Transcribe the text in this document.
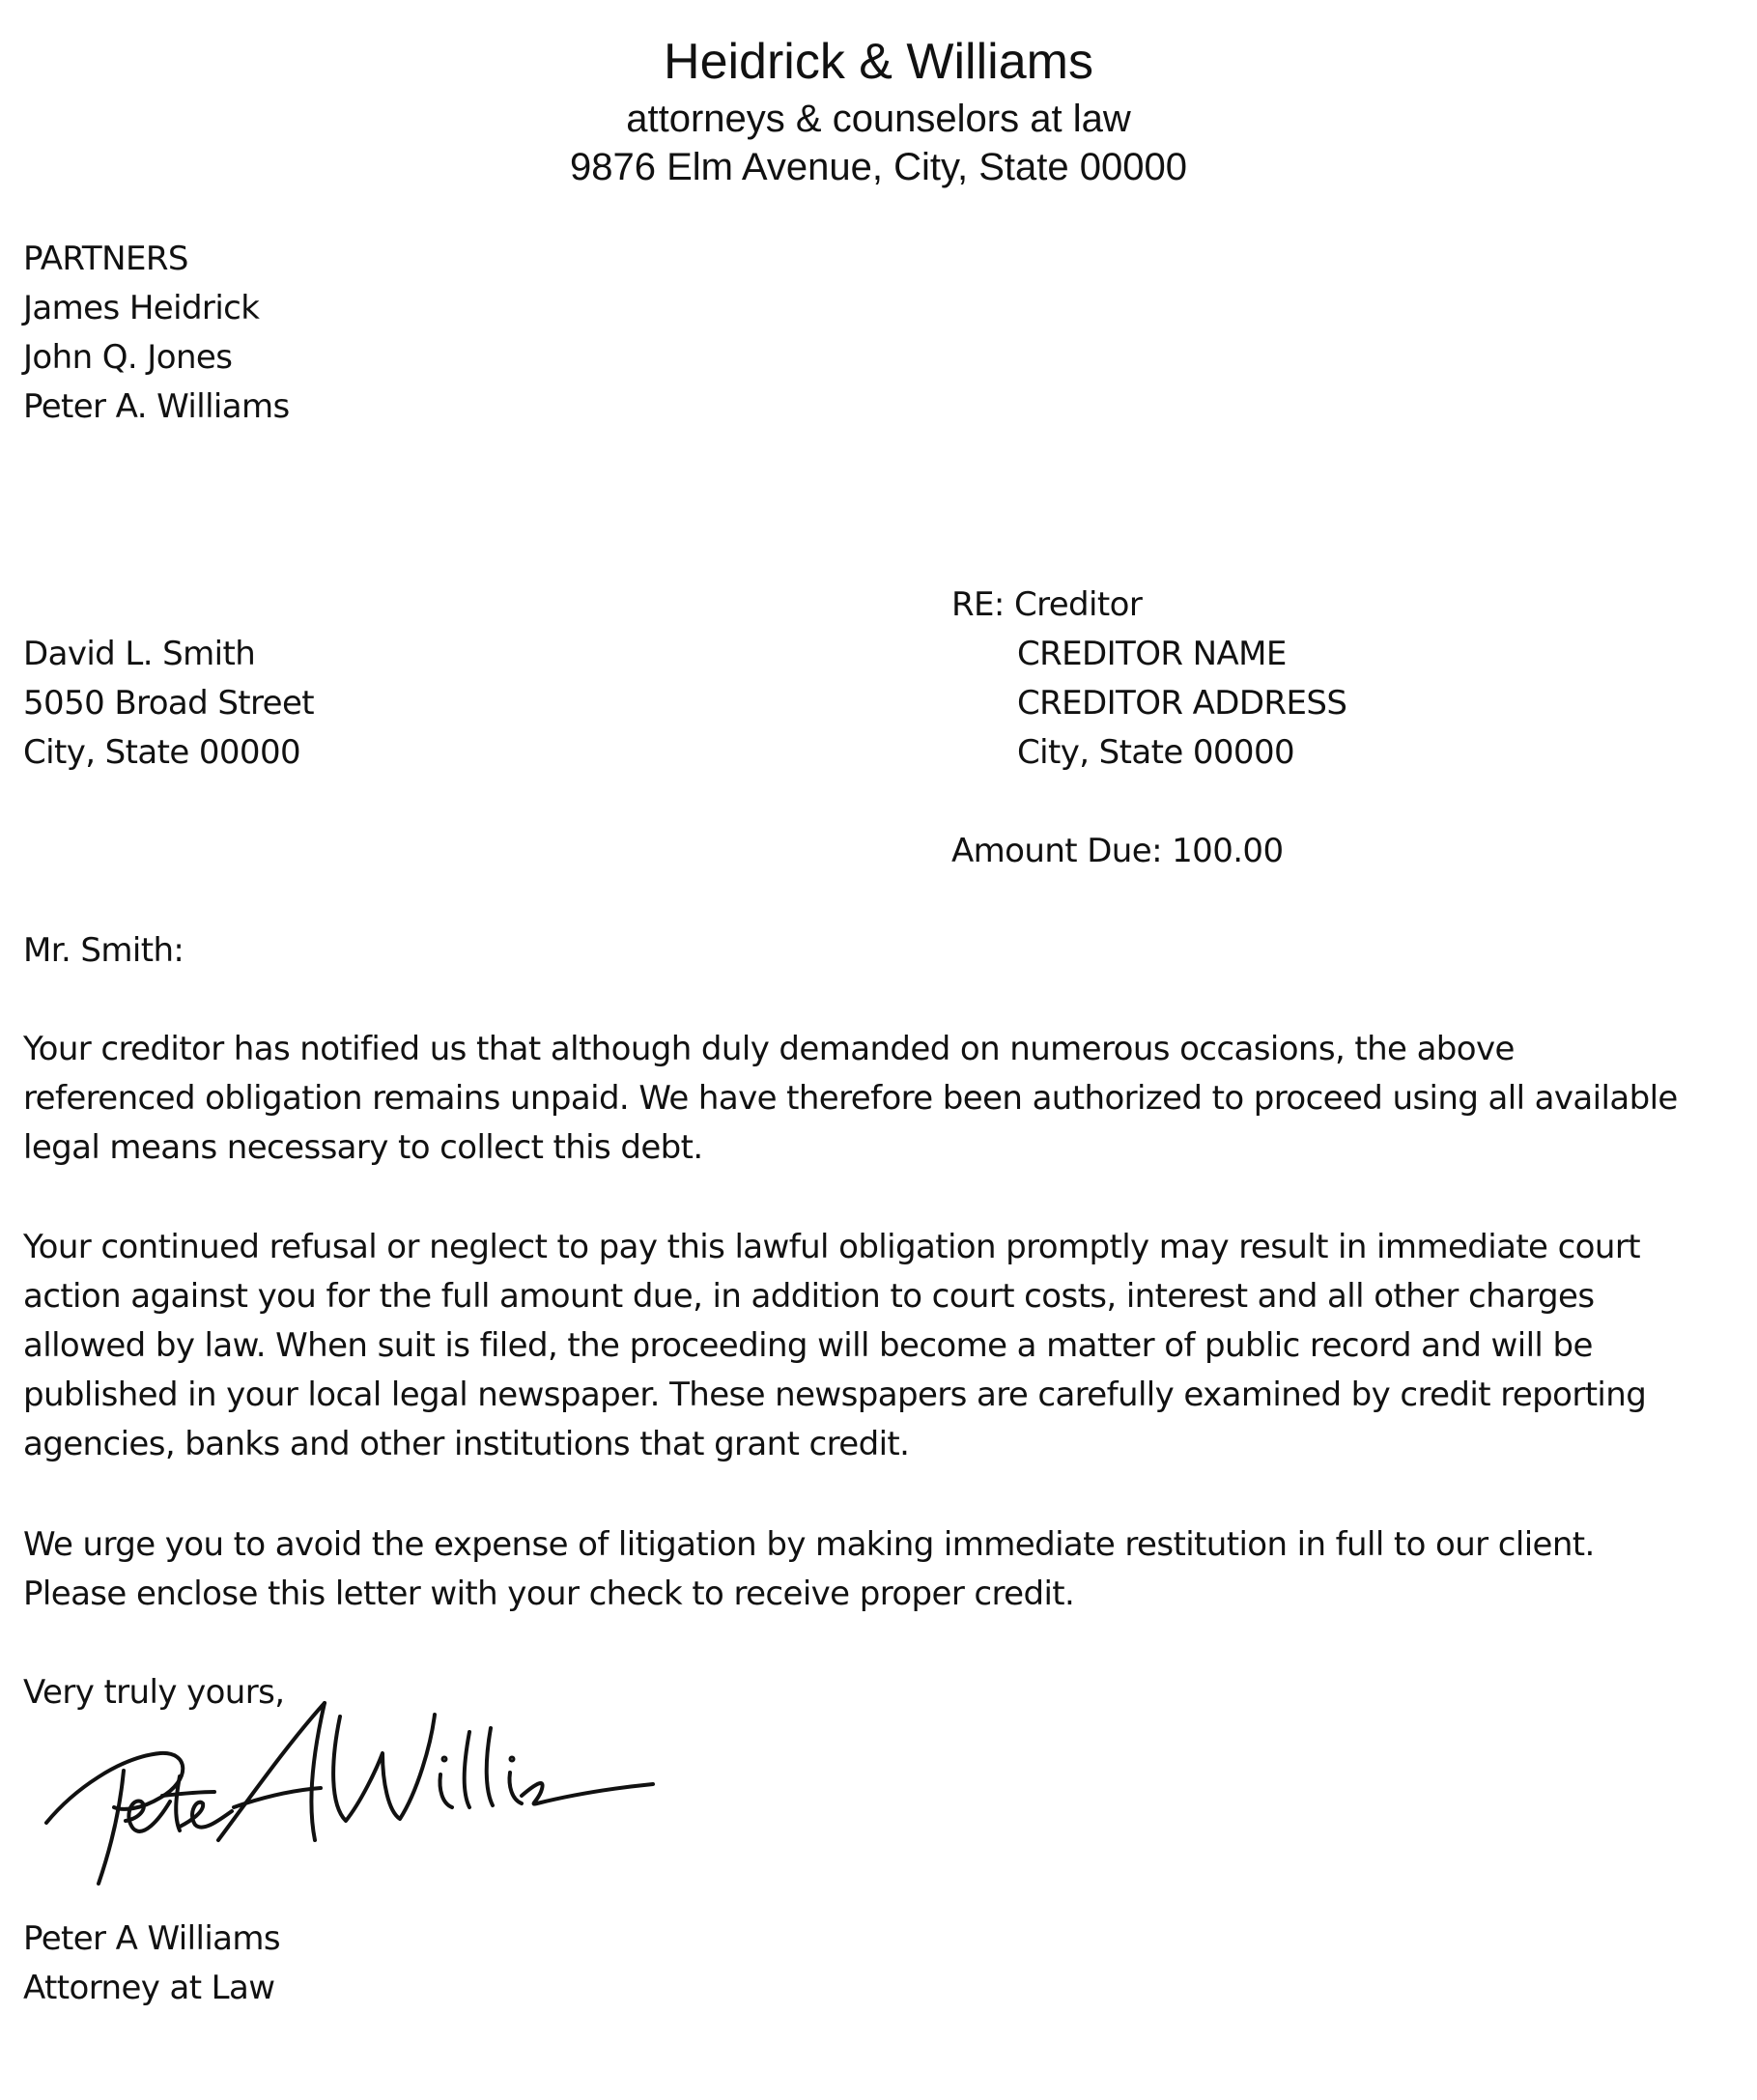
Heidrick & Williams
attorneys & counselors at law
9876 Elm Avenue, City, State 00000
PARTNERS
James Heidrick
John Q. Jones
Peter A. Williams
RE: Creditor
CREDITOR NAME
CREDITOR ADDRESS
City, State 00000
Amount Due: 100.00
David L. Smith
5050 Broad Street
City, State 00000
Mr. Smith:
Your creditor has notified us that although duly demanded on numerous occasions, the above
referenced obligation remains unpaid. We have therefore been authorized to proceed using all available
legal means necessary to collect this debt.
Your continued refusal or neglect to pay this lawful obligation promptly may result in immediate court
action against you for the full amount due, in addition to court costs, interest and all other charges
allowed by law. When suit is filed, the proceeding will become a matter of public record and will be
published in your local legal newspaper. These newspapers are carefully examined by credit reporting
agencies, banks and other institutions that grant credit.
We urge you to avoid the expense of litigation by making immediate restitution in full to our client.
Please enclose this letter with your check to receive proper credit.
Very truly yours,
Peter A Williams
Attorney at Law
